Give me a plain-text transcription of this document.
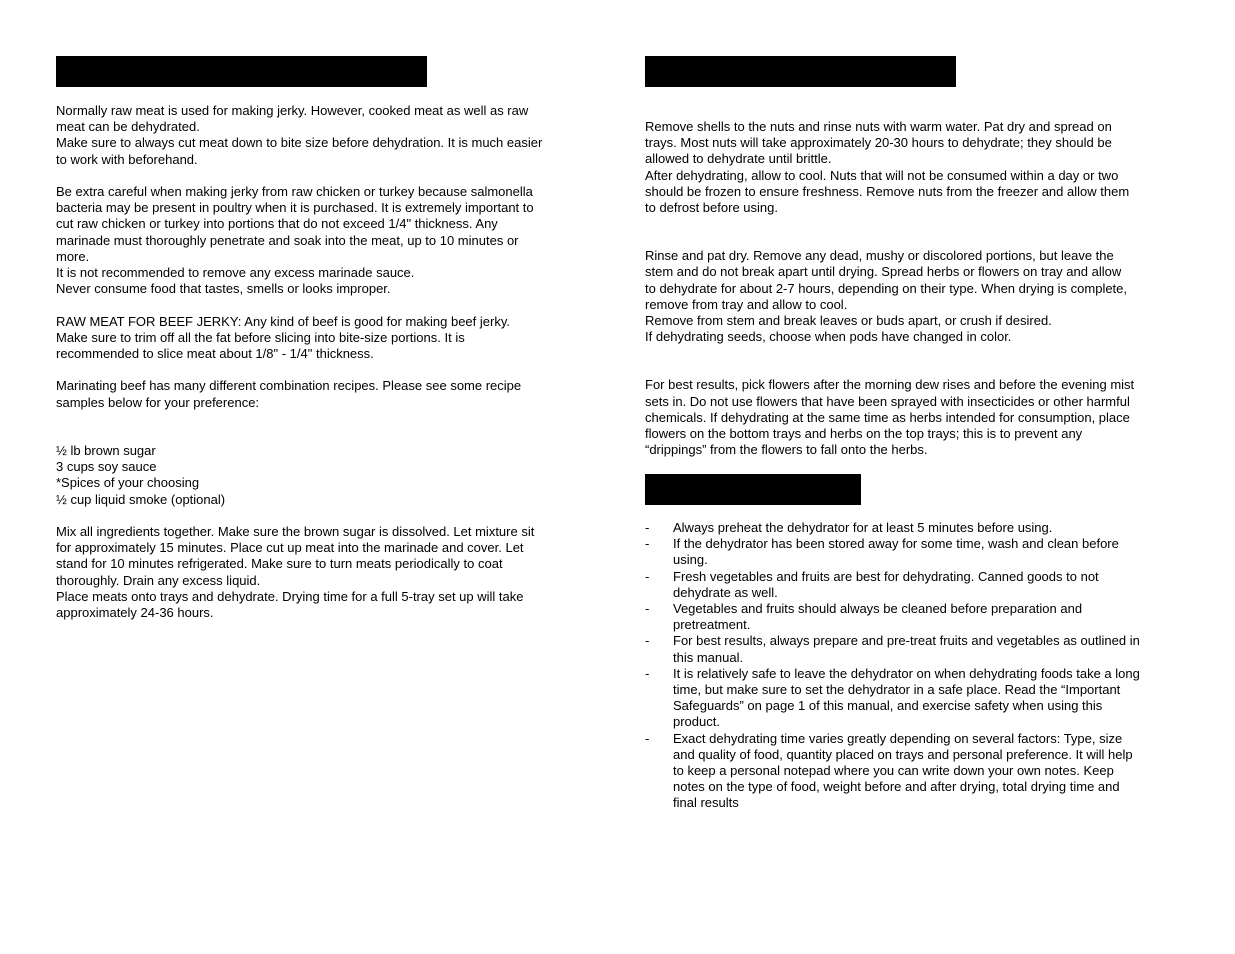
Normally raw meat is used for making jerky. However, cooked meat as well as raw
meat can be dehydrated.
Make sure to always cut meat down to bite size before dehydration. It is much easier
to work with beforehand.
Be extra careful when making jerky from raw chicken or turkey because salmonella
bacteria may be present in poultry when it is purchased. It is extremely important to
cut raw chicken or turkey into portions that do not exceed 1/4" thickness. Any
marinade must thoroughly penetrate and soak into the meat, up to 10 minutes or
more.
It is not recommended to remove any excess marinade sauce.
Never consume food that tastes, smells or looks improper.
RAW MEAT FOR BEEF JERKY: Any kind of beef is good for making beef jerky.
Make sure to trim off all the fat before slicing into bite-size portions. It is
recommended to slice meat about 1/8" - 1/4" thickness.
Marinating beef has many different combination recipes. Please see some recipe
samples below for your preference:
½ lb brown sugar
3 cups soy sauce
*Spices of your choosing
½ cup liquid smoke (optional)
Mix all ingredients together. Make sure the brown sugar is dissolved. Let mixture sit
for approximately 15 minutes. Place cut up meat into the marinade and cover. Let
stand for 10 minutes refrigerated. Make sure to turn meats periodically to coat
thoroughly. Drain any excess liquid.
Place meats onto trays and dehydrate. Drying time for a full 5-tray set up will take
approximately 24-36 hours.
Remove shells to the nuts and rinse nuts with warm water. Pat dry and spread on
trays. Most nuts will take approximately 20-30 hours to dehydrate; they should be
allowed to dehydrate until brittle.
After dehydrating, allow to cool. Nuts that will not be consumed within a day or two
should be frozen to ensure freshness. Remove nuts from the freezer and allow them
to defrost before using.
Rinse and pat dry. Remove any dead, mushy or discolored portions, but leave the
stem and do not break apart until drying. Spread herbs or flowers on tray and allow
to dehydrate for about 2-7 hours, depending on their type. When drying is complete,
remove from tray and allow to cool.
Remove from stem and break leaves or buds apart, or crush if desired.
If dehydrating seeds, choose when pods have changed in color.
For best results, pick flowers after the morning dew rises and before the evening mist
sets in. Do not use flowers that have been sprayed with insecticides or other harmful
chemicals. If dehydrating at the same time as herbs intended for consumption, place
flowers on the bottom trays and herbs on the top trays; this is to prevent any
“drippings” from the flowers to fall onto the herbs.
- Always preheat the dehydrator for at least 5 minutes before using.
- If the dehydrator has been stored away for some time, wash and clean before
using.
- Fresh vegetables and fruits are best for dehydrating. Canned goods to not
dehydrate as well.
- Vegetables and fruits should always be cleaned before preparation and
pretreatment.
- For best results, always prepare and pre-treat fruits and vegetables as outlined in
this manual.
- It is relatively safe to leave the dehydrator on when dehydrating foods take a long
time, but make sure to set the dehydrator in a safe place. Read the “Important
Safeguards” on page 1 of this manual, and exercise safety when using this
product.
- Exact dehydrating time varies greatly depending on several factors: Type, size
and quality of food, quantity placed on trays and personal preference. It will help
to keep a personal notepad where you can write down your own notes. Keep
notes on the type of food, weight before and after drying, total drying time and
final results
